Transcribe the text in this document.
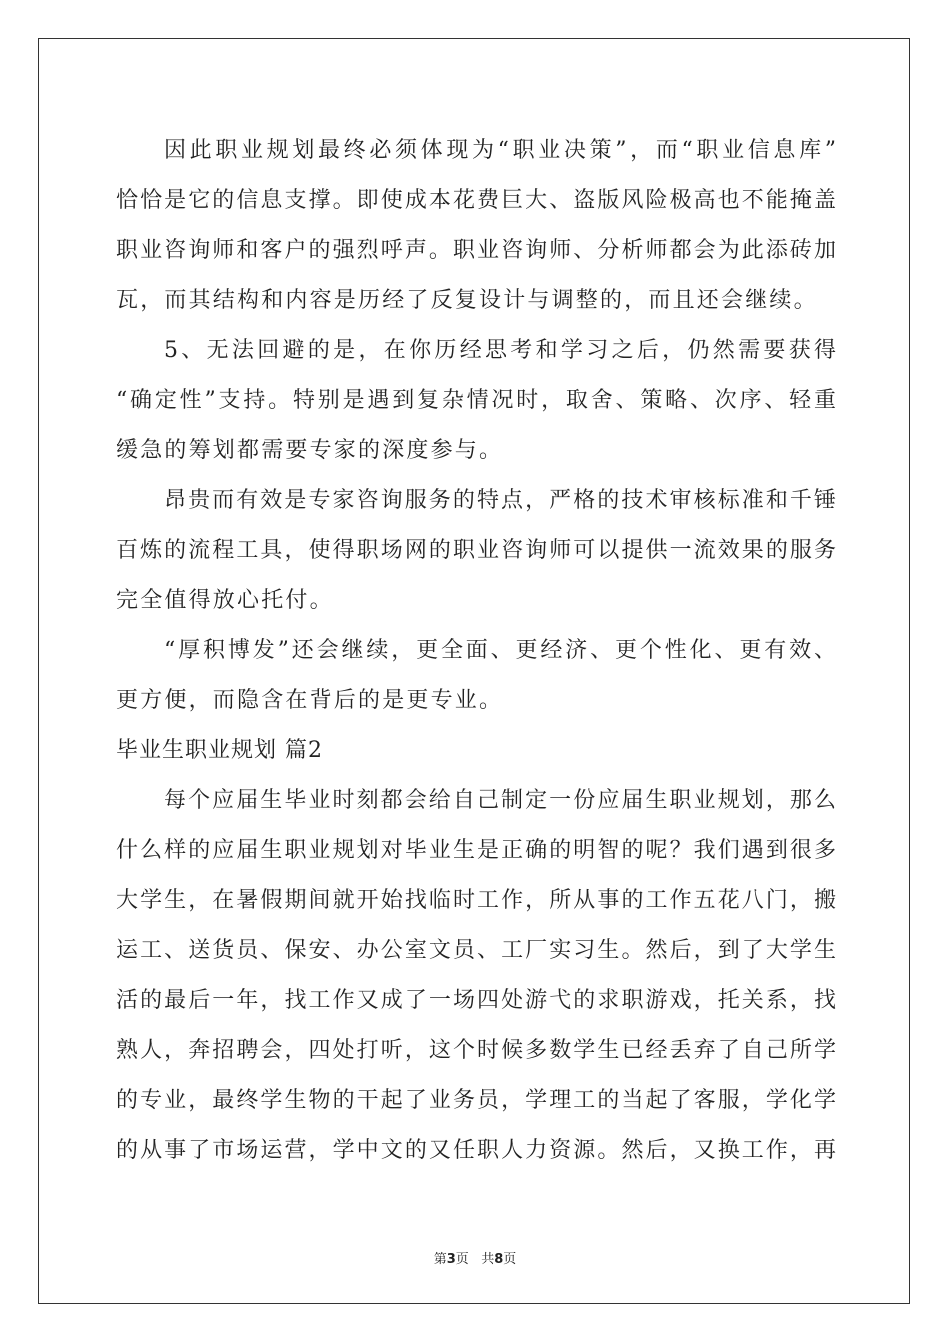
因此职业规划最终必须体现为“职业决策”，而“职业信息库”
恰恰是它的信息支撑。即使成本花费巨大、盗版风险极高也不能掩盖
职业咨询师和客户的强烈呼声。职业咨询师、分析师都会为此添砖加
瓦，而其结构和内容是历经了反复设计与调整的，而且还会继续。
5、无法回避的是，在你历经思考和学习之后，仍然需要获得
“确定性”支持。特别是遇到复杂情况时，取舍、策略、次序、轻重
缓急的筹划都需要专家的深度参与。
昂贵而有效是专家咨询服务的特点，严格的技术审核标准和千锤
百炼的流程工具，使得职场网的职业咨询师可以提供一流效果的服务
完全值得放心托付。
“厚积博发”还会继续，更全面、更经济、更个性化、更有效、
更方便，而隐含在背后的是更专业。
毕业生职业规划 篇2
每个应届生毕业时刻都会给自己制定一份应届生职业规划，那么
什么样的应届生职业规划对毕业生是正确的明智的呢？我们遇到很多
大学生，在暑假期间就开始找临时工作，所从事的工作五花八门，搬
运工、送货员、保安、办公室文员、工厂实习生。然后，到了大学生
活的最后一年，找工作又成了一场四处游弋的求职游戏，托关系，找
熟人，奔招聘会，四处打听，这个时候多数学生已经丢弃了自己所学
的专业，最终学生物的干起了业务员，学理工的当起了客服，学化学
的从事了市场运营，学中文的又任职人力资源。然后，又换工作，再
第3页   共8页
